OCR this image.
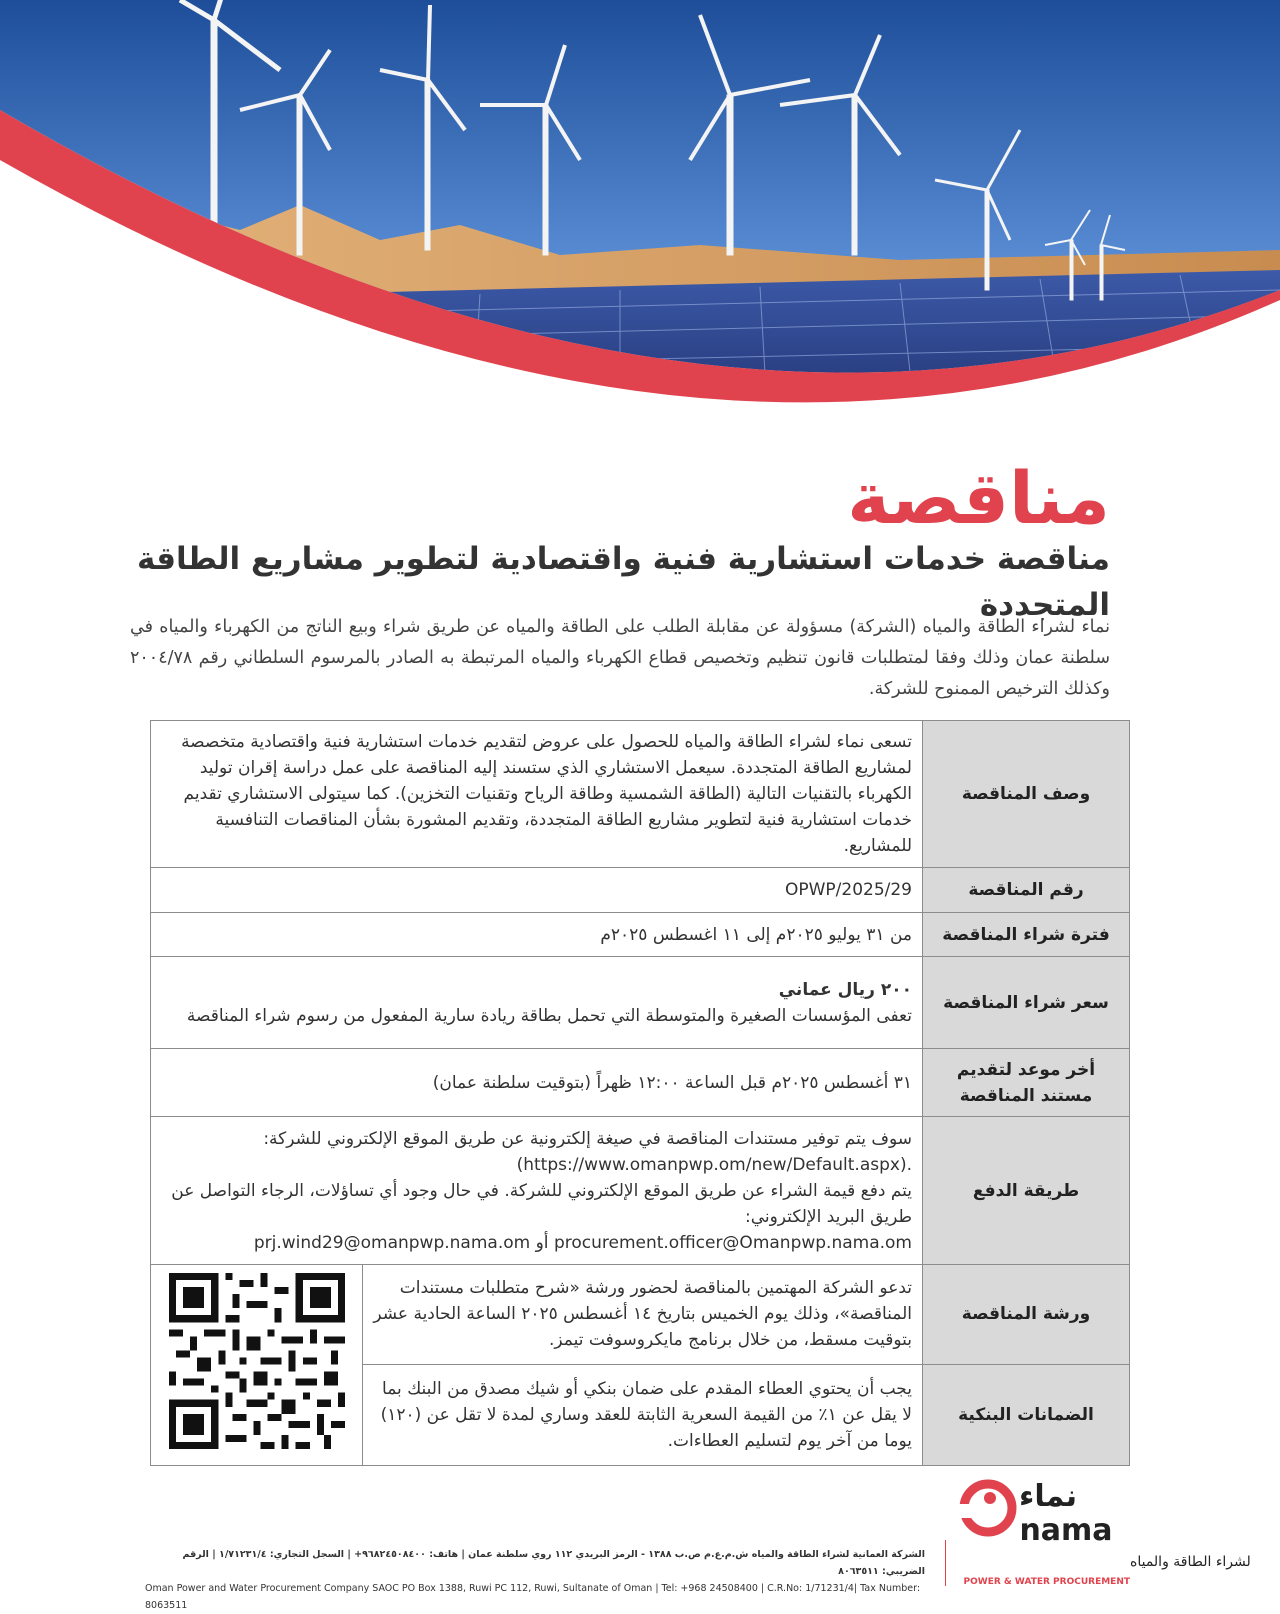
مناقصة
مناقصة خدمات استشارية فنية واقتصادية لتطوير مشاريع الطاقة المتجددة
نماء لشراء الطاقة والمياه (الشركة) مسؤولة عن مقابلة الطلب على الطاقة والمياه عن طريق شراء وبيع الناتج من الكهرباء والمياه في سلطنة عمان وذلك وفقا لمتطلبات قانون تنظيم وتخصيص قطاع الكهرباء والمياه المرتبطة به الصادر بالمرسوم السلطاني رقم ٢٠٠٤/٧٨ وكذلك الترخيص الممنوح للشركة.
وصف المناقصة	تسعى نماء لشراء الطاقة والمياه للحصول على عروض لتقديم خدمات استشارية فنية واقتصادية متخصصة لمشاريع الطاقة المتجددة. سيعمل الاستشاري الذي ستسند إليه المناقصة على عمل دراسة إقران توليد الكهرباء بالتقنيات التالية (الطاقة الشمسية وطاقة الرياح وتقنيات التخزين). كما سيتولى الاستشاري تقديم خدمات استشارية فنية لتطوير مشاريع الطاقة المتجددة، وتقديم المشورة بشأن المناقصات التنافسية للمشاريع.	
رقم المناقصة	OPWP/2025/29	
فترة شراء المناقصة	من ٣١ يوليو ٢٠٢٥م إلى ١١ اغسطس ٢٠٢٥م	
سعر شراء المناقصة	٢٠٠ ريال عماني
تعفى المؤسسات الصغيرة والمتوسطة التي تحمل بطاقة ريادة سارية المفعول من رسوم شراء المناقصة	

أخر موعد لتقديم مستند المناقصة	٣١ أغسطس ٢٠٢٥م قبل الساعة ١٢:٠٠ ظهراً (بتوقيت سلطنة عمان)	
طريقة الدفع	سوف يتم توفير مستندات المناقصة في صيغة إلكترونية عن طريق الموقع الإلكتروني للشركة:
(https://www.omanpwp.om/new/Default.aspx).
يتم دفع قيمة الشراء عن طريق الموقع الإلكتروني للشركة. في حال وجود أي تساؤلات، الرجاء التواصل عن طريق البريد الإلكتروني:
procurement.officer@Omanpwp.nama.om أو prj.wind29@omanpwp.nama.om	

ورشة المناقصة	تدعو الشركة المهتمين بالمناقصة لحضور ورشة «شرح متطلبات مستندات المناقصة»، وذلك يوم الخميس بتاريخ ١٤ أغسطس ٢٠٢٥ الساعة الحادية عشر بتوقيت مسقط، من خلال برنامج مايكروسوفت تيمز.	
الضمانات البنكية	يجب أن يحتوي العطاء المقدم على ضمان بنكي أو شيك مصدق من البنك بما لا يقل عن ١٪ من القيمة السعرية الثابتة للعقد وساري لمدة لا تقل عن (١٢٠) يوما من آخر يوم لتسليم العطاءات.	
نماء
nama
لشراء الطاقة والمياه
POWER & WATER PROCUREMENT
الشركة العمانية لشراء الطاقة والمياه ش.م.ع.م ص.ب ١٣٨٨ - الرمز البريدي ١١٢ روي سلطنة عمان | هاتف: ٩٦٨٢٤٥٠٨٤٠٠+ | السجل التجاري: ١/٧١٢٣١/٤ | الرقم الضريبي: ٨٠٦٣٥١١
Oman Power and Water Procurement Company SAOC PO Box 1388, Ruwi PC 112, Ruwi, Sultanate of Oman | Tel: +968 24508400 | C.R.No: 1/71231/4| Tax Number: 8063511
